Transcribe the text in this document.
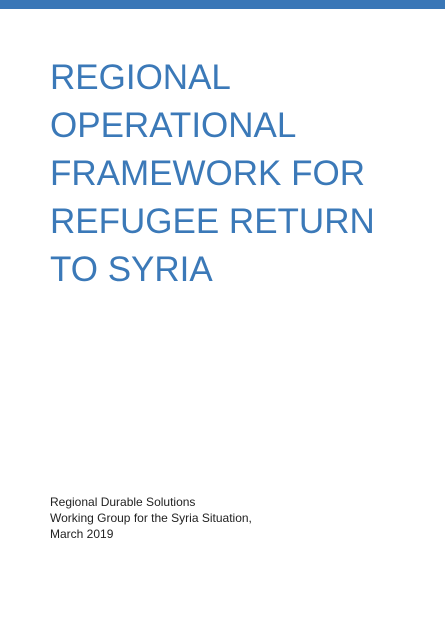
REGIONAL
OPERATIONAL
FRAMEWORK FOR
REFUGEE RETURN
TO SYRIA
Regional Durable Solutions
Working Group for the Syria Situation,
March 2019
